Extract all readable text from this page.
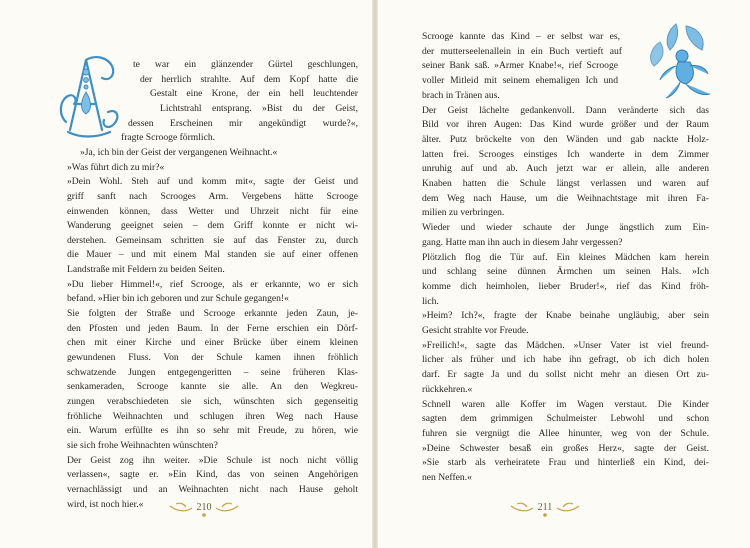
te war ein glänzender Gürtel geschlungen,
der herrlich strahlte. Auf dem Kopf hatte die
Gestalt eine Krone, der ein hell leuchtender
Lichtstrahl entsprang. »Bist du der Geist,
dessen Erscheinen mir angekündigt wurde?«,
fragte Scrooge förmlich.
»Ja, ich bin der Geist der vergangenen Weihnacht.«
»Was führt dich zu mir?«
»Dein Wohl. Steh auf und komm mit«, sagte der Geist und
griff sanft nach Scrooges Arm. Vergebens hätte Scrooge
einwenden können, dass Wetter und Uhrzeit nicht für eine
Wanderung geeignet seien – dem Griff konnte er nicht wi-
derstehen. Gemeinsam schritten sie auf das Fenster zu, durch
die Mauer – und mit einem Mal standen sie auf einer offenen
Landstraße mit Feldern zu beiden Seiten.
»Du lieber Himmel!«, rief Scrooge, als er erkannte, wo er sich
befand. »Hier bin ich geboren und zur Schule gegangen!«
Sie folgten der Straße und Scrooge erkannte jeden Zaun, je-
den Pfosten und jeden Baum. In der Ferne erschien ein Dörf-
chen mit einer Kirche und einer Brücke über einem kleinen
gewundenen Fluss. Von der Schule kamen ihnen fröhlich
schwatzende Jungen entgegengeritten – seine früheren Klas-
senkameraden, Scrooge kannte sie alle. An den Wegkreu-
zungen verabschiedeten sie sich, wünschten sich gegenseitig
fröhliche Weihnachten und schlugen ihren Weg nach Hause
ein. Warum erfüllte es ihn so sehr mit Freude, zu hören, wie
sie sich frohe Weihnachten wünschten?
Der Geist zog ihn weiter. »Die Schule ist noch nicht völlig
verlassen«, sagte er. »Ein Kind, das von seinen Angehörigen
vernachlässigt und an Weihnachten nicht nach Hause geholt
wird, ist noch hier.«
Scrooge kannte das Kind – er selbst war es,
der mutterseelenallein in ein Buch vertieft auf
seiner Bank saß. »Armer Knabe!«, rief Scrooge
voller Mitleid mit seinem ehemaligen Ich und
brach in Tränen aus.
Der Geist lächelte gedankenvoll. Dann veränderte sich das
Bild vor ihren Augen: Das Kind wurde größer und der Raum
älter. Putz bröckelte von den Wänden und gab nackte Holz-
latten frei. Scrooges einstiges Ich wanderte in dem Zimmer
unruhig auf und ab. Auch jetzt war er allein, alle anderen
Knaben hatten die Schule längst verlassen und waren auf
dem Weg nach Hause, um die Weihnachtstage mit ihren Fa-
milien zu verbringen.
Wieder und wieder schaute der Junge ängstlich zum Ein-
gang. Hatte man ihn auch in diesem Jahr vergessen?
Plötzlich flog die Tür auf. Ein kleines Mädchen kam herein
und schlang seine dünnen Ärmchen um seinen Hals. »Ich
komme dich heimholen, lieber Bruder!«, rief das Kind fröh-
lich.
»Heim? Ich?«, fragte der Knabe beinahe ungläubig, aber sein
Gesicht strahlte vor Freude.
»Freilich!«, sagte das Mädchen. »Unser Vater ist viel freund-
licher als früher und ich habe ihn gefragt, ob ich dich holen
darf. Er sagte Ja und du sollst nicht mehr an diesen Ort zu-
rückkehren.«
Schnell waren alle Koffer im Wagen verstaut. Die Kinder
sagten dem grimmigen Schulmeister Lebwohl und schon
fuhren sie vergnügt die Allee hinunter, weg von der Schule.
»Deine Schwester besaß ein großes Herz«, sagte der Geist.
»Sie starb als verheiratete Frau und hinterließ ein Kind, dei-
nen Neffen.«
210	211
